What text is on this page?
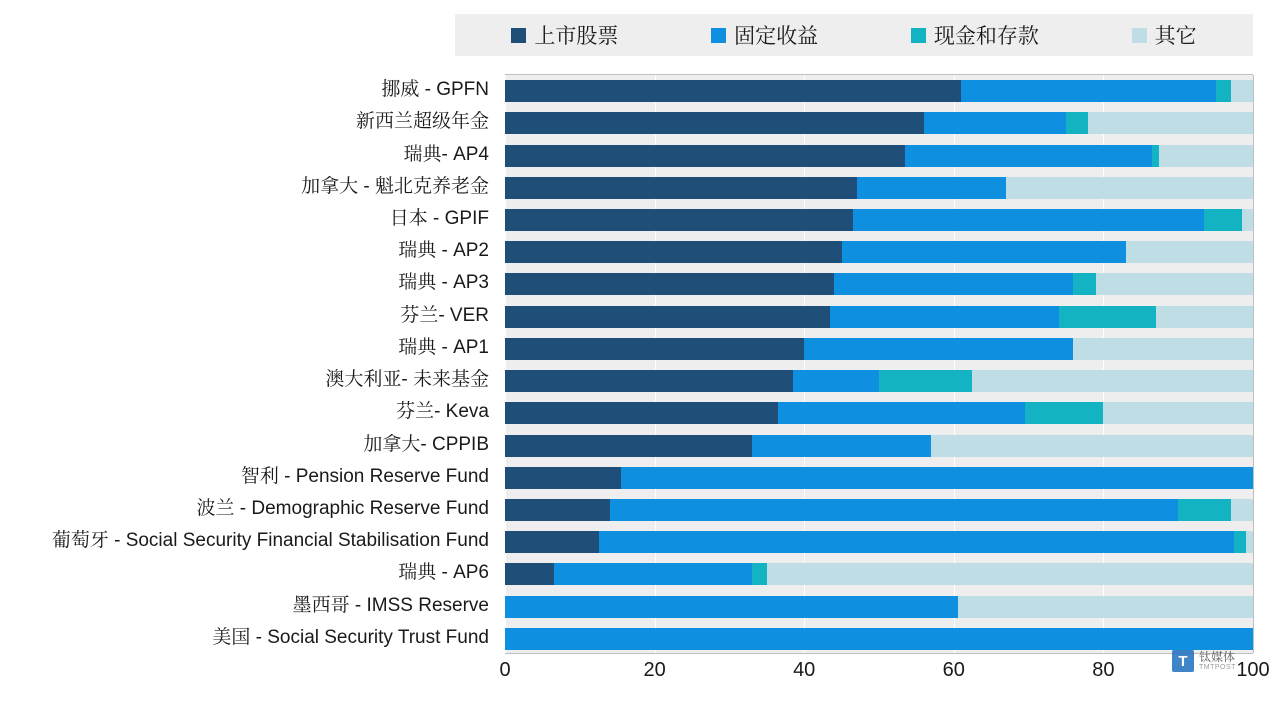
上市股票	固定收益	现金和存款	其它
挪威 - GPFN
新西兰超级年金
瑞典- AP4
加拿大 - 魁北克养老金
日本 - GPIF
瑞典 - AP2
瑞典 - AP3
芬兰- VER
瑞典 - AP1
澳大利亚- 未来基金
芬兰- Keva
加拿大- CPPIB
智利 - Pension Reserve Fund
波兰 - Demographic Reserve Fund
葡萄牙 - Social Security Financial Stabilisation Fund
瑞典 - AP6
墨西哥 - IMSS Reserve
美国 - Social Security Trust Fund
0	20	40	60	80	100
T 钛媒体
TMTPOST
